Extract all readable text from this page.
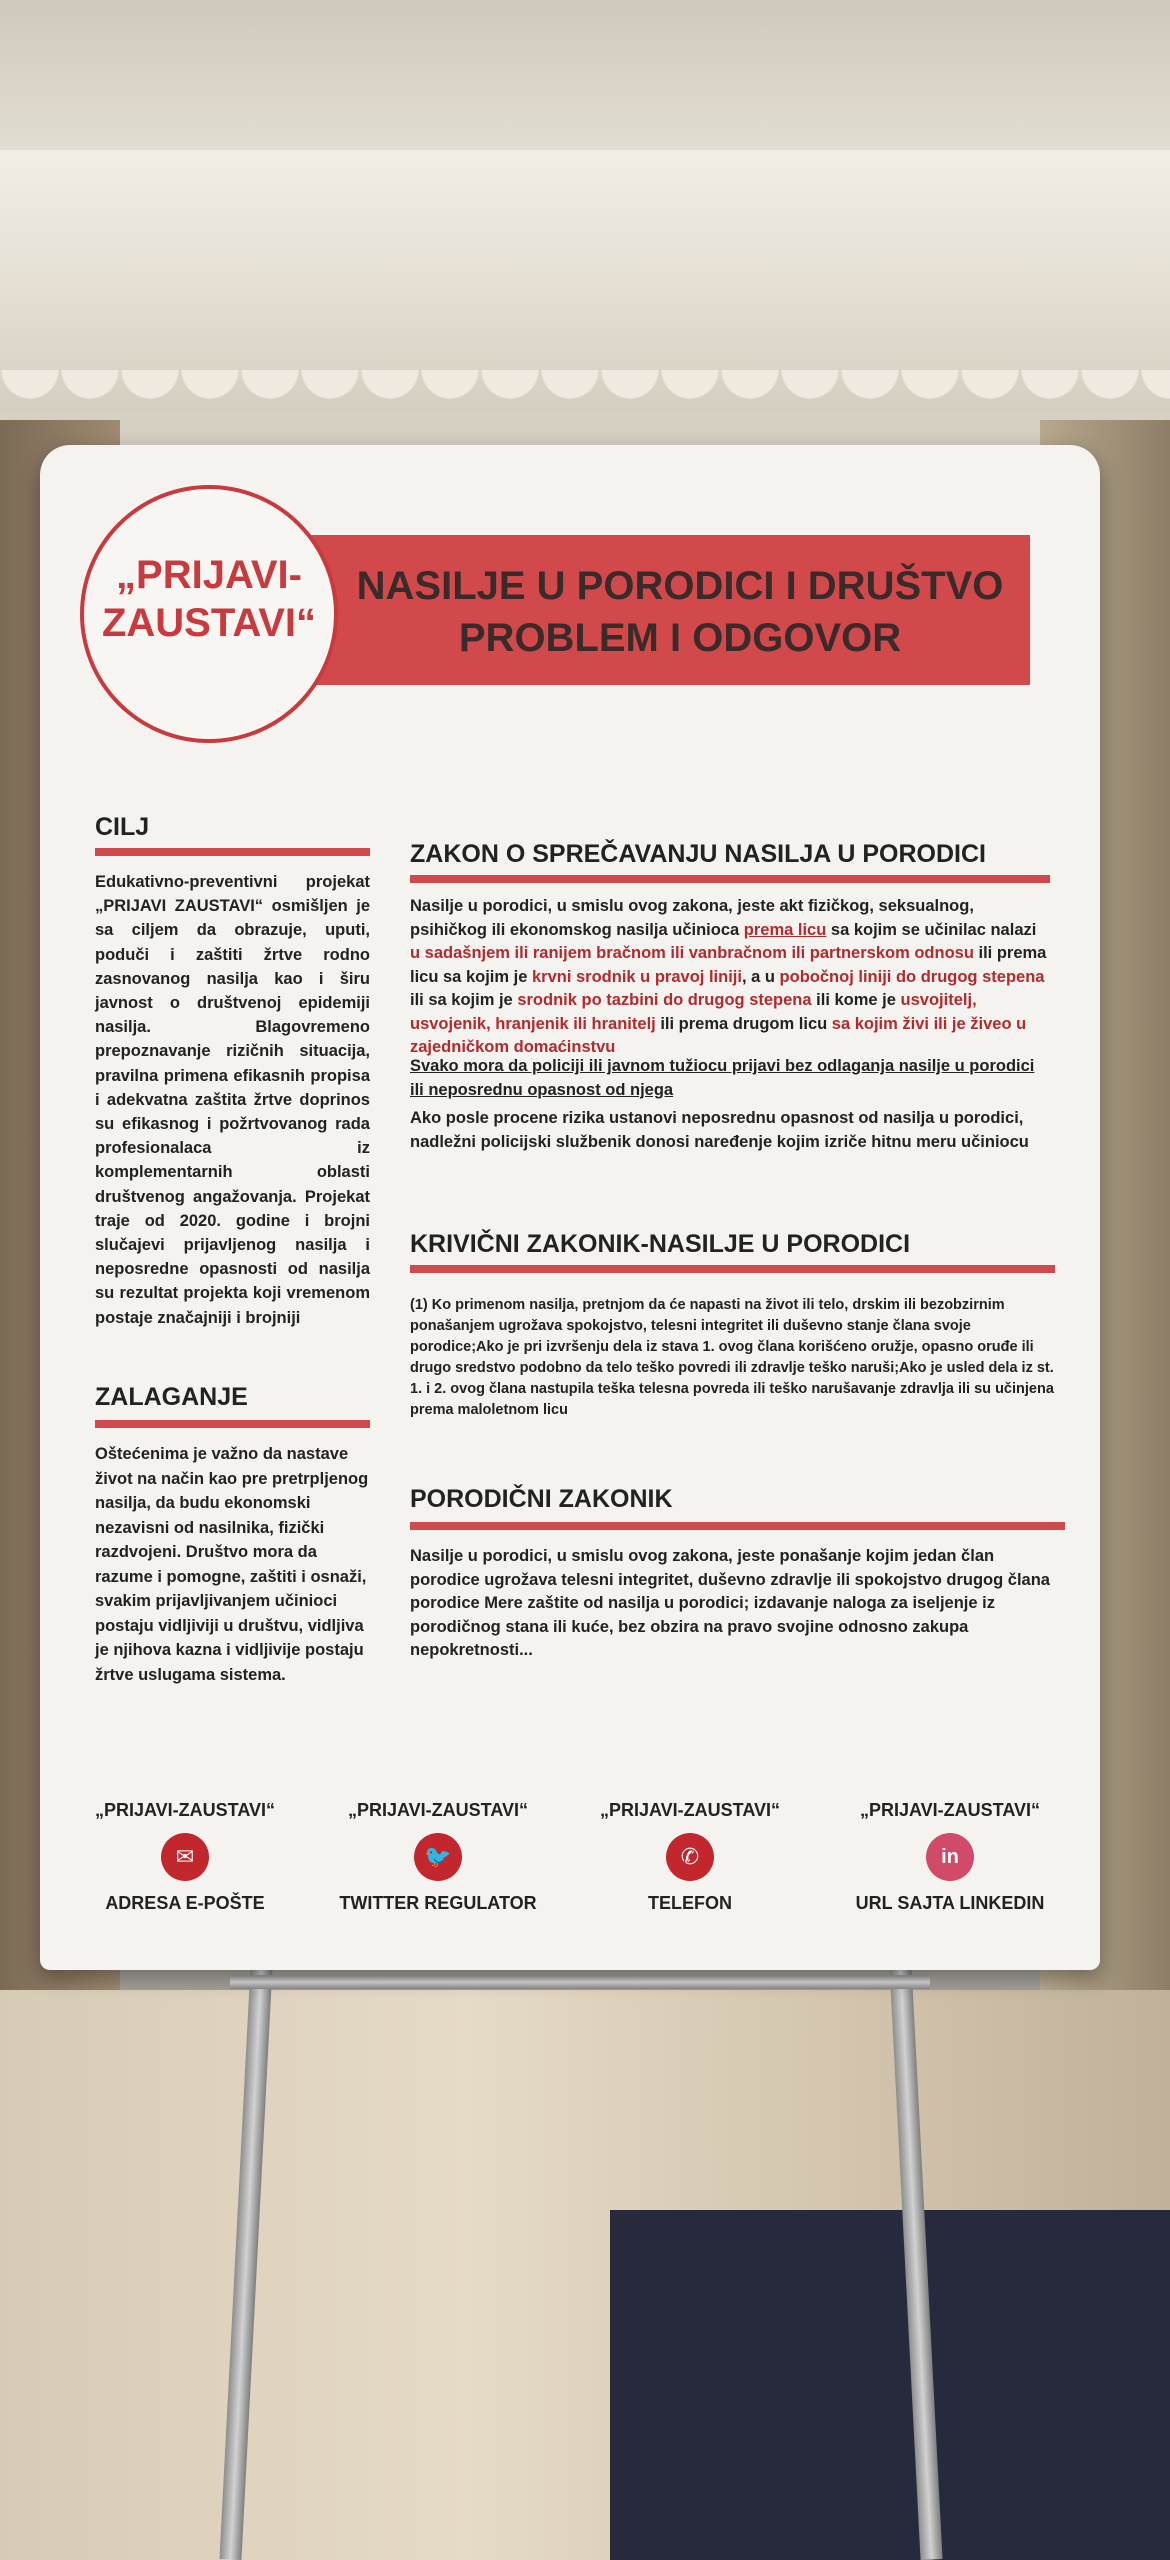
NASILJE U PORODICI I DRUŠTVO
PROBLEM I ODGOVOR
„PRIJAVI-
ZAUSTAVI“
CILJ
Edukativno-preventivni projekat „PRIJAVI ZAUSTAVI“ osmišljen je sa ciljem da obrazuje, uputi, poduči i zaštiti žrtve rodno zasnovanog nasilja kao i širu javnost o društvenoj epidemiji nasilja. Blagovremeno prepoznavanje rizičnih situacija, pravilna primena efikasnih propisa i adekvatna zaštita žrtve doprinos su efikasnog i požrtvovanog rada profesionalaca iz komplementarnih oblasti društvenog angažovanja. Projekat traje od 2020. godine i brojni slučajevi prijavljenog nasilja i neposredne opasnosti od nasilja su rezultat projekta koji vremenom postaje značajniji i brojniji
ZALAGANJE
Oštećenima je važno da nastave život na način kao pre pretrpljenog nasilja, da budu ekonomski nezavisni od nasilnika, fizički razdvojeni. Društvo mora da razume i pomogne, zaštiti i osnaži, svakim prijavljivanjem učinioci postaju vidljiviji u društvu, vidljiva je njihova kazna i vidljivije postaju žrtve uslugama sistema.
ZAKON O SPREČAVANJU NASILJA U PORODICI
Nasilje u porodici, u smislu ovog zakona, jeste akt fizičkog, seksualnog, psihičkog ili ekonomskog nasilja učinioca prema licu sa kojim se učinilac nalazi u sadašnjem ili ranijem bračnom ili vanbračnom ili partnerskom odnosu ili prema licu sa kojim je krvni srodnik u pravoj liniji, a u pobočnoj liniji do drugog stepena ili sa kojim je srodnik po tazbini do drugog stepena ili kome je usvojitelj, usvojenik, hranjenik ili hranitelj ili prema drugom licu sa kojim živi ili je živeo u zajedničkom domaćinstvu
Svako mora da policiji ili javnom tužiocu prijavi bez odlaganja nasilje u porodici ili neposrednu opasnost od njega
Ako posle procene rizika ustanovi neposrednu opasnost od nasilja u porodici, nadležni policijski službenik donosi naređenje kojim izriče hitnu meru učiniocu
KRIVIČNI ZAKONIK-NASILJE U PORODICI
(1) Ko primenom nasilja, pretnjom da će napasti na život ili telo, drskim ili bezobzirnim ponašanjem ugrožava spokojstvo, telesni integritet ili duševno stanje člana svoje porodice;Ako je pri izvršenju dela iz stava 1. ovog člana korišćeno oružje, opasno oruđe ili drugo sredstvo podobno da telo teško povredi ili zdravlje teško naruši;Ako je usled dela iz st. 1. i 2. ovog člana nastupila teška telesna povreda ili teško narušavanje zdravlja ili su učinjena prema maloletnom licu
PORODIČNI ZAKONIK
Nasilje u porodici, u smislu ovog zakona, jeste ponašanje kojim jedan član porodice ugrožava telesni integritet, duševno zdravlje ili spokojstvo drugog člana porodice Mere zaštite od nasilja u porodici; izdavanje naloga za iseljenje iz porodičnog stana ili kuće, bez obzira na pravo svojine odnosno zakupa nepokretnosti...
„PRIJAVI-ZAUSTAVI“
✉
ADRESA E-POŠTE
„PRIJAVI-ZAUSTAVI“
🐦
TWITTER REGULATOR
„PRIJAVI-ZAUSTAVI“
✆
TELEFON
„PRIJAVI-ZAUSTAVI“
in
URL SAJTA LINKEDIN
